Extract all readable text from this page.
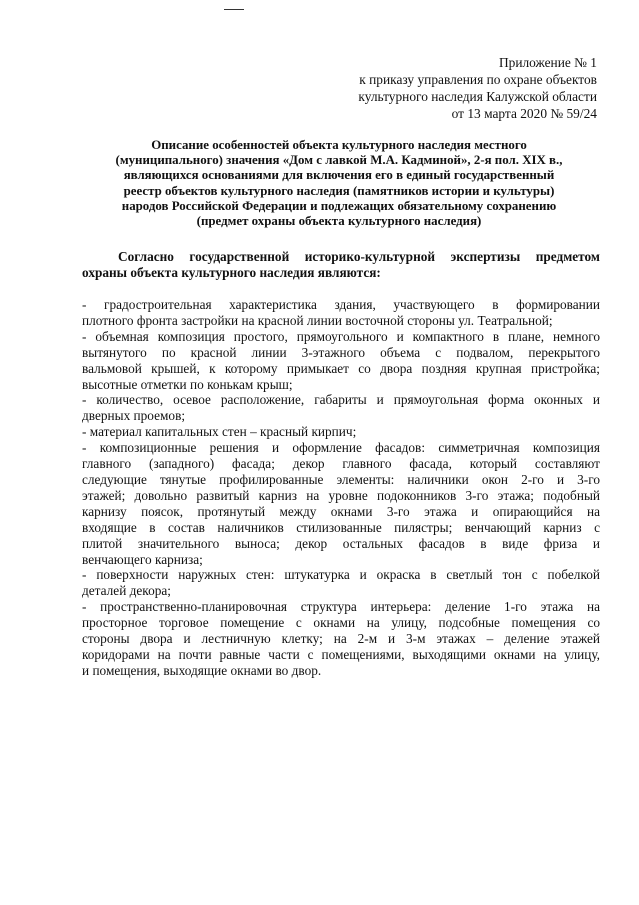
Приложение № 1
к приказу управления по охране объектов
культурного наследия Калужской области
от 13 марта 2020 № 59/24
Описание особенностей объекта культурного наследия местного
(муниципального) значения «Дом с лавкой М.А. Кадминой», 2-я пол. XIX в.,
являющихся основаниями для включения его в единый государственный
реестр объектов культурного наследия (памятников истории и культуры)
народов Российской Федерации и подлежащих обязательному сохранению
(предмет охраны объекта культурного наследия)
Согласно государственной историко-культурной экспертизы предметом
охраны объекта культурного наследия являются:
- градостроительная характеристика здания, участвующего в формировании
плотного фронта застройки на красной линии восточной стороны ул. Театральной;
- объемная композиция простого, прямоугольного и компактного в плане, немного
вытянутого по красной линии 3-этажного объема с подвалом, перекрытого
вальмовой крышей, к которому примыкает со двора поздняя крупная пристройка;
высотные отметки по конькам крыш;
- количество, осевое расположение, габариты и прямоугольная форма оконных и
дверных проемов;
- материал капитальных стен – красный кирпич;
- композиционные решения и оформление фасадов: симметричная композиция
главного (западного) фасада; декор главного фасада, который составляют
следующие тянутые профилированные элементы: наличники окон 2-го и 3-го
этажей; довольно развитый карниз на уровне подоконников 3-го этажа; подобный
карнизу поясок, протянутый между окнами 3-го этажа и опирающийся на
входящие в состав наличников стилизованные пилястры; венчающий карниз с
плитой значительного выноса; декор остальных фасадов в виде фриза и
венчающего карниза;
- поверхности наружных стен: штукатурка и окраска в светлый тон с побелкой
деталей декора;
- пространственно-планировочная структура интерьера: деление 1-го этажа на
просторное торговое помещение с окнами на улицу, подсобные помещения со
стороны двора и лестничную клетку; на 2-м и 3-м этажах – деление этажей
коридорами на почти равные части с помещениями, выходящими окнами на улицу,
и помещения, выходящие окнами во двор.
